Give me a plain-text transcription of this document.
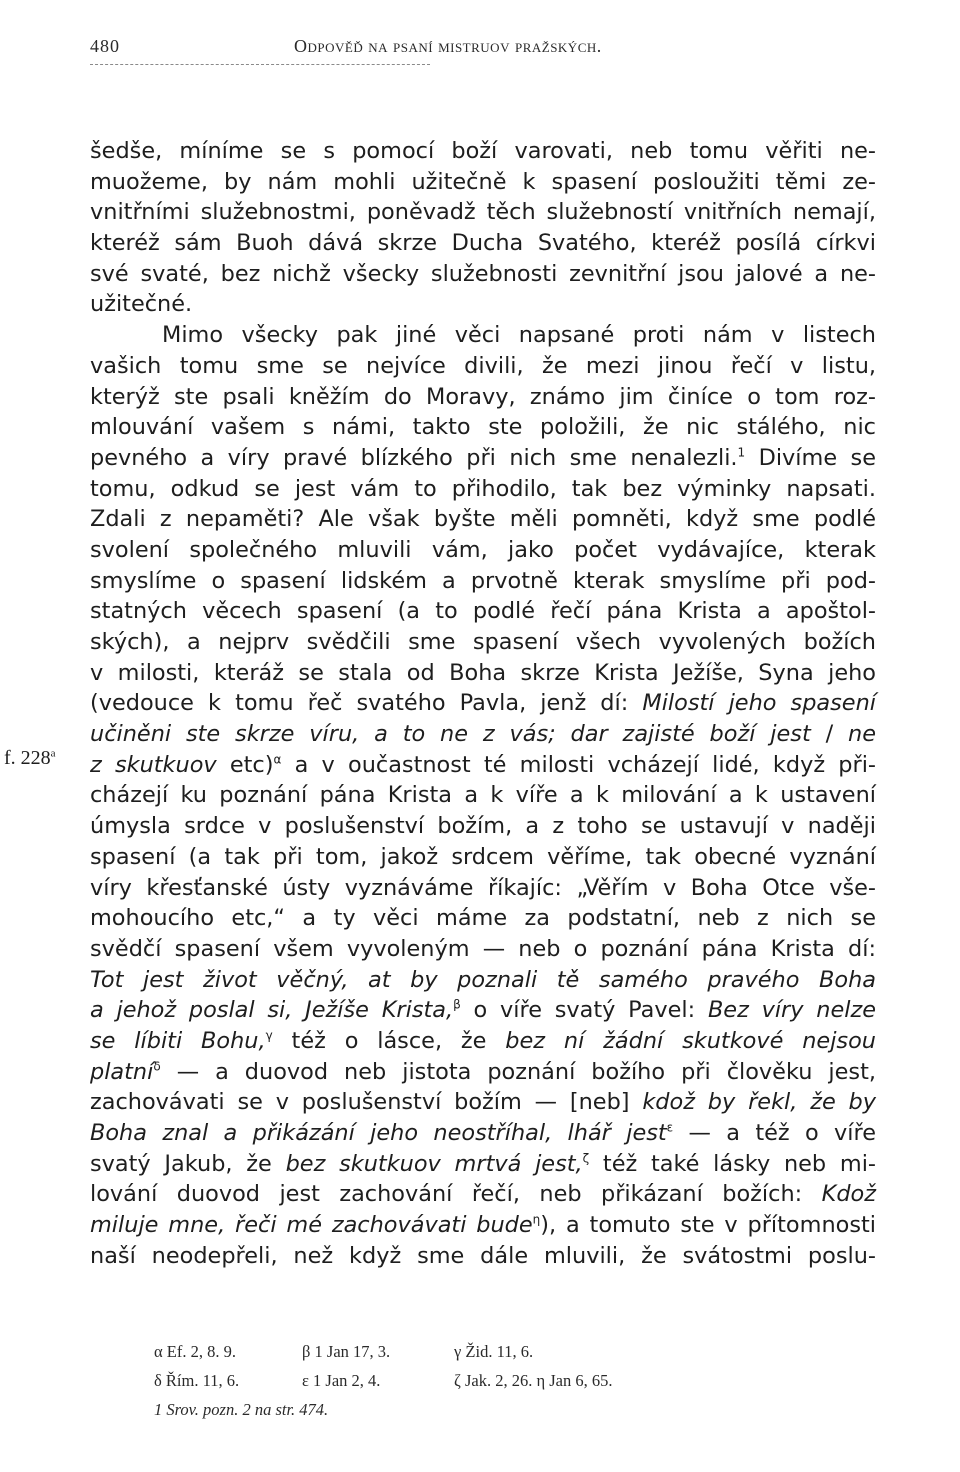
480	Odpověď na psaní mistruov pražských.
f. 228$^a$
šedše, míníme se s pomocí boží varovati, neb tomu věřiti ne-
muožeme, by nám mohli užitečně k spasení posloužiti těmi ze-
vnitřními služebnostmi, poněvadž těch služebností vnitřních nemají,
kteréž sám Buoh dává skrze Ducha Svatého, kteréž posílá církvi
své svaté, bez nichž všecky služebnosti zevnitřní jsou jalové a ne-
užitečné.
Mimo všecky pak jiné věci napsané proti nám v listech
vašich tomu sme se nejvíce divili, že mezi jinou řečí v listu,
kterýž ste psali kněžím do Moravy, známo jim činíce o tom roz-
mlouvání vašem s námi, takto ste položili, že nic stálého, nic
pevného a víry pravé blízkého při nich sme nenalezli.$^1$ Divíme se
tomu, odkud se jest vám to přihodilo, tak bez výminky napsati.
Zdali z nepaměti? Ale však byšte měli pomněti, když sme podlé
svolení společného mluvili vám, jako počet vydávajíce, kterak
smyslíme o spasení lidském a prvotně kterak smyslíme při pod-
statných věcech spasení (a to podlé řečí pána Krista a apoštol-
ských), a nejprv svědčili sme spasení všech vyvolených božích
v milosti, kteráž se stala od Boha skrze Krista Ježíše, Syna jeho
(vedouce k tomu řeč svatého Pavla, jenž dí: Milostí jeho spasení
učiněni ste skrze víru, a to ne z vás; dar zajisté boží jest / ne
z skutkuov etc)$^\alpha$ a v oučastnost té milosti vcházejí lidé, když při-
cházejí ku poznání pána Krista a k víře a k milování a k ustavení
úmysla srdce v poslušenství božím, a z toho se ustavují v naději
spasení (a tak při tom, jakož srdcem věříme, tak obecné vyznání
víry křesťanské ústy vyznáváme říkajíc: „Věřím v Boha Otce vše-
mohoucího etc,“ a ty věci máme za podstatní, neb z nich se
svědčí spasení všem vyvoleným — neb o poznání pána Krista dí:
Tot jest život věčný, at by poznali tě samého pravého Boha
a jehož poslal si, Ježíše Krista,$^\beta$ o víře svatý Pavel: Bez víry nelze
se líbiti Bohu,$^\gamma$ též o lásce, že bez ní žádní skutkové nejsou
platní$^\delta$ — a duovod neb jistota poznání božího při člověku jest,
zachovávati se v poslušenství božím — [neb] kdož by řekl, že by
Boha znal a přikázání jeho neostříhal, lhář jest$^\varepsilon$ — a též o víře
svatý Jakub, že bez skutkuov mrtvá jest,$^\zeta$ též také lásky neb mi-
lování duovod jest zachování řečí, neb přikázaní božích: Kdož
miluje mne, řeči mé zachovávati bude$^\eta$), a tomuto ste v přítomnosti
naší neodepřeli, než když sme dále mluvili, že svátostmi poslu-
α Ef. 2, 8. 9.	β 1 Jan 17, 3.	γ Žid. 11, 6.
δ Řím. 11, 6.	ε 1 Jan 2, 4.	ζ Jak. 2, 26. η Jan 6, 65.
1 Srov. pozn. 2 na str. 474.
